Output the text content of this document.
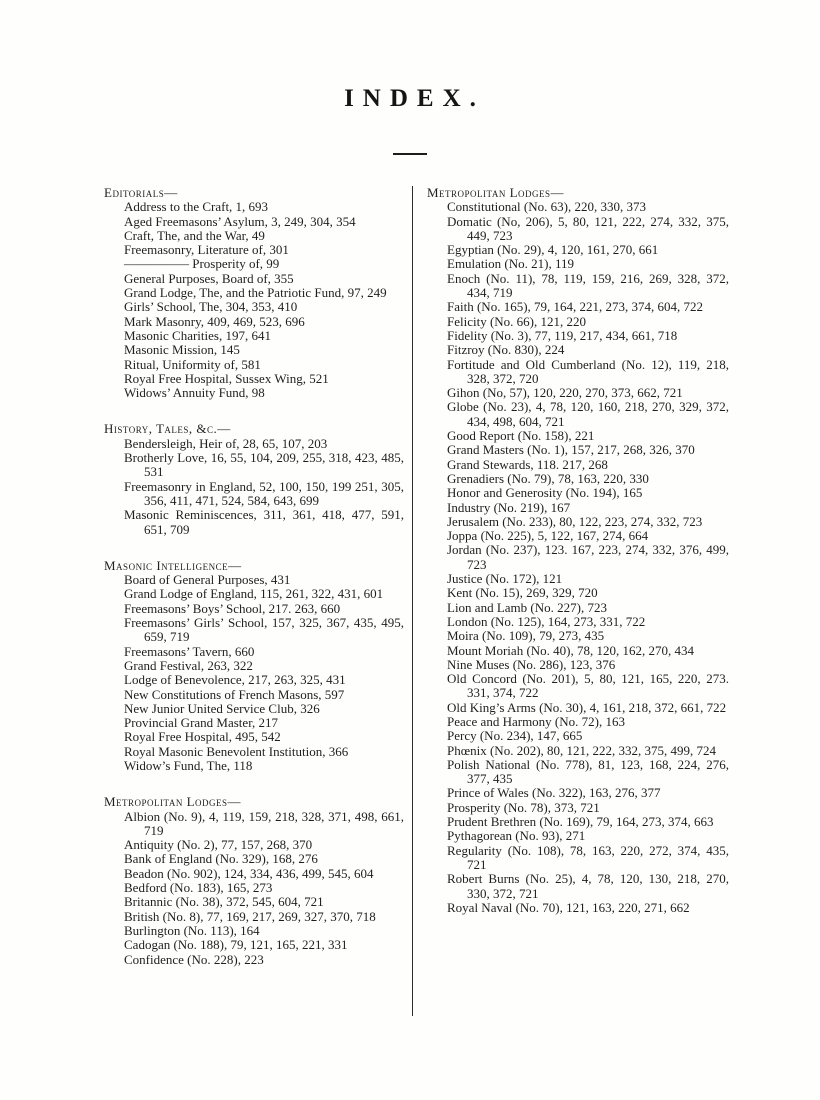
INDEX.
Editorials—

Address to the Craft, 1, 693

Aged Freemasons’ Asylum, 3, 249, 304, 354

Craft, The, and the War, 49

Freemasonry, Literature of, 301

————— Prosperity of, 99

General Purposes, Board of, 355

Grand Lodge, The, and the Patriotic Fund, 97, 249

Girls’ School, The, 304, 353, 410

Mark Masonry, 409, 469, 523, 696

Masonic Charities, 197, 641

Masonic Mission, 145

Ritual, Uniformity of, 581

Royal Free Hospital, Sussex Wing, 521

Widows’ Annuity Fund, 98

History, Tales, &c.—

Bendersleigh, Heir of, 28, 65, 107, 203

Brotherly Love, 16, 55, 104, 209, 255, 318, 423, 485, 531

Freemasonry in England, 52, 100, 150, 199 251, 305, 356, 411, 471, 524, 584, 643, 699

Masonic Reminiscences, 311, 361, 418, 477, 591, 651, 709

Masonic Intelligence—

Board of General Purposes, 431

Grand Lodge of England, 115, 261, 322, 431, 601

Freemasons’ Boys’ School, 217. 263, 660

Freemasons’ Girls’ School, 157, 325, 367, 435, 495, 659, 719

Freemasons’ Tavern, 660

Grand Festival, 263, 322

Lodge of Benevolence, 217, 263, 325, 431

New Constitutions of French Masons, 597

New Junior United Service Club, 326

Provincial Grand Master, 217

Royal Free Hospital, 495, 542

Royal Masonic Benevolent Institution, 366

Widow’s Fund, The, 118

Metropolitan Lodges—

Albion (No. 9), 4, 119, 159, 218, 328, 371, 498, 661, 719

Antiquity (No. 2), 77, 157, 268, 370

Bank of England (No. 329), 168, 276

Beadon (No. 902), 124, 334, 436, 499, 545, 604

Bedford (No. 183), 165, 273

Britannic (No. 38), 372, 545, 604, 721

British (No. 8), 77, 169, 217, 269, 327, 370, 718

Burlington (No. 113), 164

Cadogan (No. 188), 79, 121, 165, 221, 331

Confidence (No. 228), 223

Metropolitan Lodges—

Constitutional (No. 63), 220, 330, 373

Domatic (No, 206), 5, 80, 121, 222, 274, 332, 375, 449, 723

Egyptian (No. 29), 4, 120, 161, 270, 661

Emulation (No. 21), 119

Enoch (No. 11), 78, 119, 159, 216, 269, 328, 372, 434, 719

Faith (No. 165), 79, 164, 221, 273, 374, 604, 722

Felicity (No. 66), 121, 220

Fidelity (No. 3), 77, 119, 217, 434, 661, 718

Fitzroy (No. 830), 224

Fortitude and Old Cumberland (No. 12), 119, 218, 328, 372, 720

Gihon (No, 57), 120, 220, 270, 373, 662, 721

Globe (No. 23), 4, 78, 120, 160, 218, 270, 329, 372, 434, 498, 604, 721

Good Report (No. 158), 221

Grand Masters (No. 1), 157, 217, 268, 326, 370

Grand Stewards, 118. 217, 268

Grenadiers (No. 79), 78, 163, 220, 330

Honor and Generosity (No. 194), 165

Industry (No. 219), 167

Jerusalem (No. 233), 80, 122, 223, 274, 332, 723

Joppa (No. 225), 5, 122, 167, 274, 664

Jordan (No. 237), 123. 167, 223, 274, 332, 376, 499, 723

Justice (No. 172), 121

Kent (No. 15), 269, 329, 720

Lion and Lamb (No. 227), 723

London (No. 125), 164, 273, 331, 722

Moira (No. 109), 79, 273, 435

Mount Moriah (No. 40), 78, 120, 162, 270, 434

Nine Muses (No. 286), 123, 376

Old Concord (No. 201), 5, 80, 121, 165, 220, 273. 331, 374, 722

Old King’s Arms (No. 30), 4, 161, 218, 372, 661, 722

Peace and Harmony (No. 72), 163

Percy (No. 234), 147, 665

Phœnix (No. 202), 80, 121, 222, 332, 375, 499, 724

Polish National (No. 778), 81, 123, 168, 224, 276, 377, 435

Prince of Wales (No. 322), 163, 276, 377

Prosperity (No. 78), 373, 721

Prudent Brethren (No. 169), 79, 164, 273, 374, 663

Pythagorean (No. 93), 271

Regularity (No. 108), 78, 163, 220, 272, 374, 435, 721

Robert Burns (No. 25), 4, 78, 120, 130, 218, 270, 330, 372, 721

Royal Naval (No. 70), 121, 163, 220, 271, 662
